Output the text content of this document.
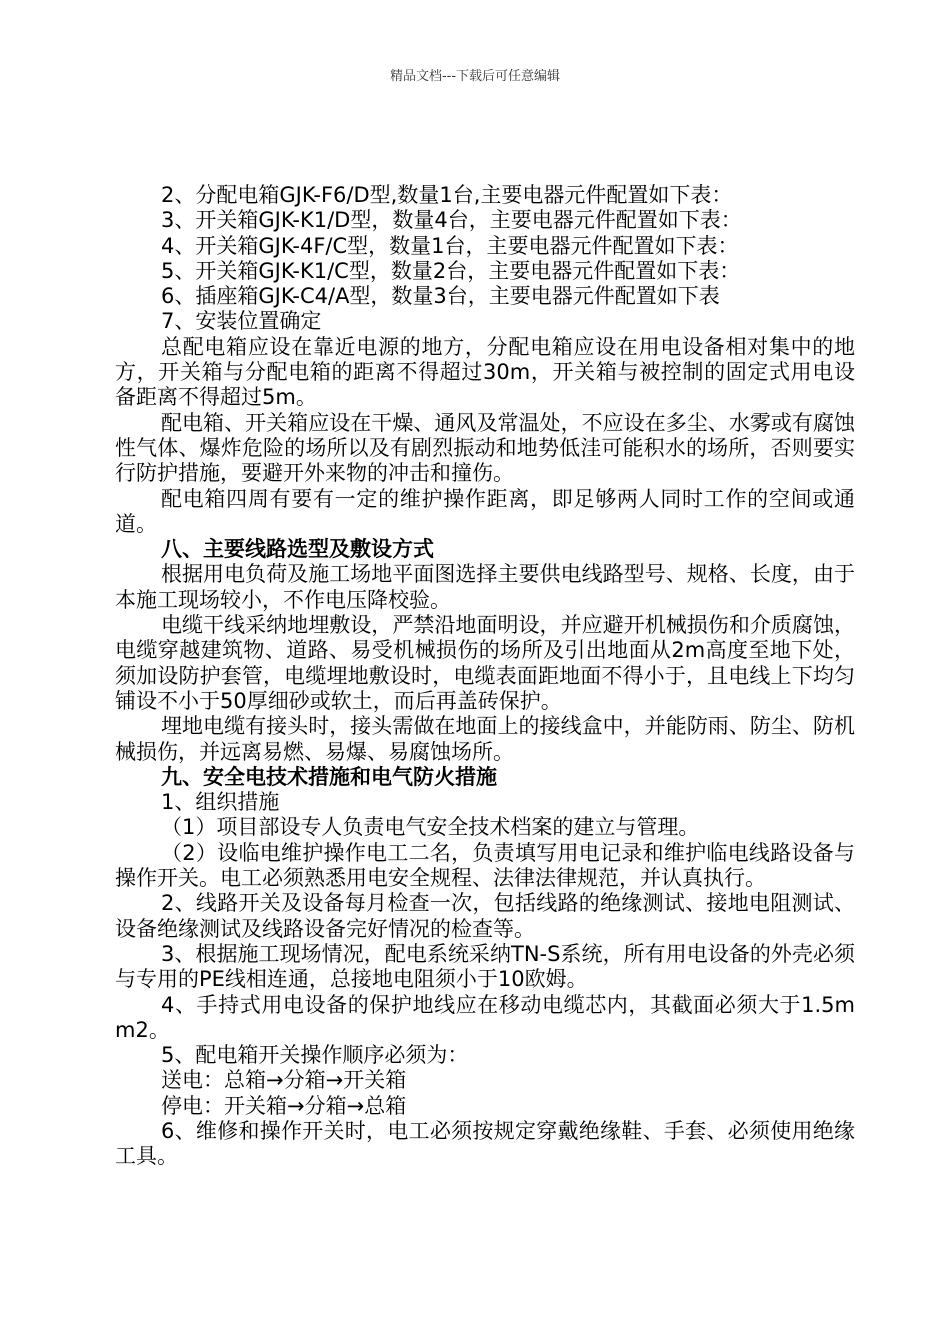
精品文档---下载后可任意编辑

2、分配电箱GJK-F6/D型,数量1台,主要电器元件配置如下表：

3、开关箱GJK-K1/D型，数量4台，主要电器元件配置如下表：

4、开关箱GJK-4F/C型，数量1台，主要电器元件配置如下表：

5、开关箱GJK-K1/C型，数量2台，主要电器元件配置如下表：

6、插座箱GJK-C4/A型，数量3台，主要电器元件配置如下表

7、安装位置确定

总配电箱应设在靠近电源的地方，分配电箱应设在用电设备相对集中的地方，开关箱与分配电箱的距离不得超过30m，开关箱与被控制的固定式用电设备距离不得超过5m。

配电箱、开关箱应设在干燥、通风及常温处，不应设在多尘、水雾或有腐蚀性气体、爆炸危险的场所以及有剧烈振动和地势低洼可能积水的场所，否则要实行防护措施，要避开外来物的冲击和撞伤。

配电箱四周有要有一定的维护操作距离，即足够两人同时工作的空间或通道。

八、主要线路选型及敷设方式

根据用电负荷及施工场地平面图选择主要供电线路型号、规格、长度，由于本施工现场较小，不作电压降校验。

电缆干线采纳地埋敷设，严禁沿地面明设，并应避开机械损伤和介质腐蚀，电缆穿越建筑物、道路、易受机械损伤的场所及引出地面从2m高度至地下处，须加设防护套管，电缆埋地敷设时，电缆表面距地面不得小于，且电线上下均匀铺设不小于50厚细砂或软土，而后再盖砖保护。

埋地电缆有接头时，接头需做在地面上的接线盒中，并能防雨、防尘、防机械损伤，并远离易燃、易爆、易腐蚀场所。

九、安全电技术措施和电气防火措施

1、组织措施

（1）项目部设专人负责电气安全技术档案的建立与管理。

（2）设临电维护操作电工二名，负责填写用电记录和维护临电线路设备与操作开关。电工必须熟悉用电安全规程、法律法律规范，并认真执行。

2、线路开关及设备每月检查一次，包括线路的绝缘测试、接地电阻测试、设备绝缘测试及线路设备完好情况的检查等。

3、根据施工现场情况，配电系统采纳TN-S系统，所有用电设备的外壳必须与专用的PE线相连通，总接地电阻须小于10欧姆。

4、手持式用电设备的保护地线应在移动电缆芯内，其截面必须大于1.5mm2。

5、配电箱开关操作顺序必须为：

送电：总箱→分箱→开关箱

停电：开关箱→分箱→总箱

6、维修和操作开关时，电工必须按规定穿戴绝缘鞋、手套、必须使用绝缘工具。
